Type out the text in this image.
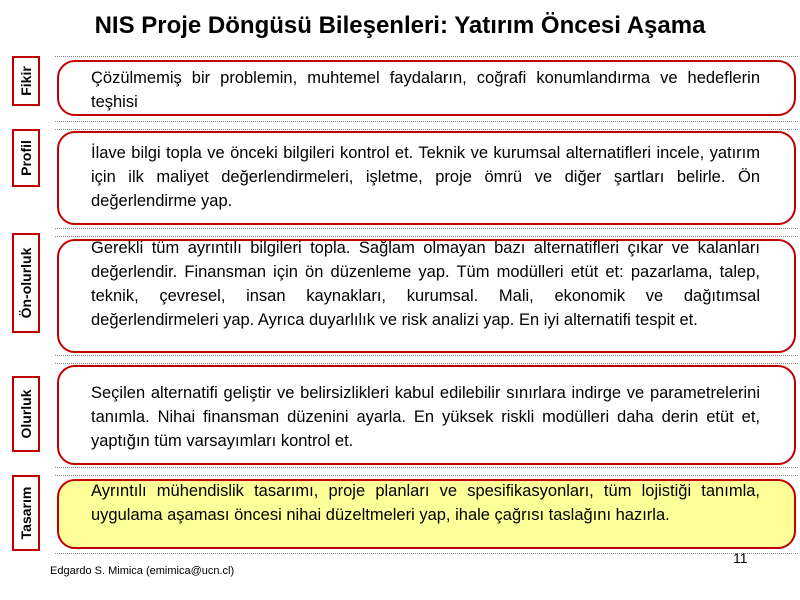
NIS Proje Döngüsü Bileşenleri: Yatırım Öncesi Aşama
Fikir	Çözülmemiş bir problemin, muhtemel faydaların, coğrafi konumlandırma ve hedeflerin teşhisi

Profil	İlave bilgi topla ve önceki bilgileri kontrol et. Teknik ve kurumsal alternatifleri incele, yatırım için ilk maliyet değerlendirmeleri, işletme, proje ömrü ve diğer şartları belirle. Ön değerlendirme yap.

Ön-olurluk	Gerekli tüm ayrıntılı bilgileri topla. Sağlam olmayan bazı alternatifleri çıkar ve kalanları değerlendir. Finansman için ön düzenleme yap. Tüm modülleri etüt et: pazarlama, talep, teknik, çevresel, insan kaynakları, kurumsal. Mali, ekonomik ve dağıtımsal değerlendirmeleri yap. Ayrıca duyarlılık ve risk analizi yap. En iyi alternatifi tespit et.

Olurluk	Seçilen alternatifi geliştir ve belirsizlikleri kabul edilebilir sınırlara indirge ve parametrelerini tanımla. Nihai finansman düzenini ayarla. En yüksek riskli modülleri daha derin etüt et, yaptığın tüm varsayımları kontrol et.

Tasarım	Ayrıntılı mühendislik tasarımı, proje planları ve spesifikasyonları, tüm lojistiği tanımla, uygulama aşaması öncesi nihai düzeltmeleri yap, ihale çağrısı taslağını hazırla.

11
Edgardo S. Mimica (emimica@ucn.cl)
